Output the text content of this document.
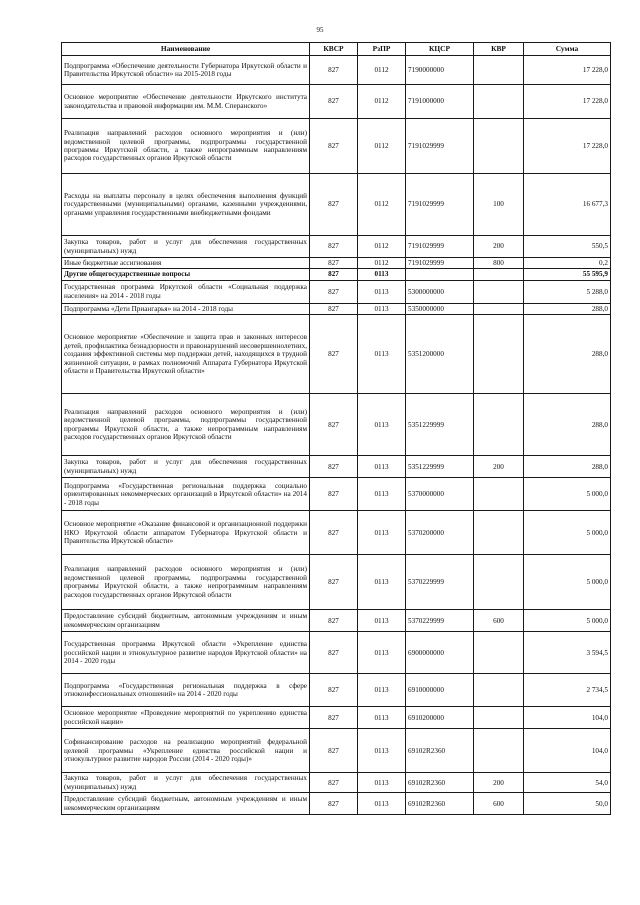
95
Наименование	КВСР	РзПР	КЦСР	КВР	Сумма
Подпрограмма «Обеспечение деятельности Губернатора Иркутской области и Правительства Иркутской области» на 2015-2018 годы	827	0112	7190000000		17 228,0
Основное мероприятие «Обеспечение деятельности Иркутского института законодательства и правовой информации им. М.М. Сперанского»	827	0112	7191000000		17 228,0
Реализация направлений расходов основного мероприятия и (или) ведомственной целевой программы, подпрограммы государственной программы Иркутской области, а также непрограммным направлениям расходов государственных органов Иркутской области	827	0112	7191029999		17 228,0
Расходы на выплаты персоналу в целях обеспечения выполнения функций государственными (муниципальными) органами, казенными учреждениями, органами управления государственными внебюджетными фондами	827	0112	7191029999	100	16 677,3
Закупка товаров, работ и услуг для обеспечения государственных (муниципальных) нужд	827	0112	7191029999	200	550,5
Иные бюджетные ассигнования	827	0112	7191029999	800	0,2
Другие общегосударственные вопросы	827	0113			55 595,9
Государственная программа Иркутской области «Социальная поддержка населения» на 2014 - 2018 годы	827	0113	5300000000		5 288,0
Подпрограмма «Дети Приангарья» на 2014 - 2018 годы	827	0113	5350000000		288,0
Основное мероприятие «Обеспечение и защита прав и законных интересов детей, профилактика безнадзорности и правонарушений несовершеннолетних, создания эффективной системы мер поддержки детей, находящихся в трудной жизненной ситуации, в рамках полномочий Аппарата Губернатора Иркутской области и Правительства Иркутской области»	827	0113	5351200000		288,0
Реализация направлений расходов основного мероприятия и (или) ведомственной целевой программы, подпрограммы государственной программы Иркутской области, а также непрограммным направлениям расходов государственных органов Иркутской области	827	0113	5351229999		288,0
Закупка товаров, работ и услуг для обеспечения государственных (муниципальных) нужд	827	0113	5351229999	200	288,0
Подпрограмма «Государственная региональная поддержка социально ориентированных некоммерческих организаций в Иркутской области» на 2014 - 2018 годы	827	0113	5370000000		5 000,0
Основное мероприятие «Оказание финансовой и организационной поддержки НКО Иркутской области аппаратом Губернатора Иркутской области и Правительства Иркутской области»	827	0113	5370200000		5 000,0
Реализация направлений расходов основного мероприятия и (или) ведомственной целевой программы, подпрограммы государственной программы Иркутской области, а также непрограммным направлениям расходов государственных органов Иркутской области	827	0113	5370229999		5 000,0
Предоставление субсидий бюджетным, автономным учреждениям и иным некоммерческим организациям	827	0113	5370229999	600	5 000,0
Государственная программа Иркутской области «Укрепление единства российской нации и этнокультурное развитие народов Иркутской области» на 2014 - 2020 годы	827	0113	6900000000		3 594,5
Подпрограмма «Государственная региональная поддержка в сфере этноконфессиональных отношений» на 2014 - 2020 годы	827	0113	6910000000		2 734,5
Основное мероприятие «Проведение мероприятий по укреплению единства российской нации»	827	0113	6910200000		104,0
Софинансирование расходов на реализацию мероприятий федеральной целевой программы «Укрепление единства российской нации и этнокультурное развитие народов России (2014 - 2020 годы)»	827	0113	69102R2360		104,0
Закупка товаров, работ и услуг для обеспечения государственных (муниципальных) нужд	827	0113	69102R2360	200	54,0
Предоставление субсидий бюджетным, автономным учреждениям и иным некоммерческим организациям	827	0113	69102R2360	600	50,0
